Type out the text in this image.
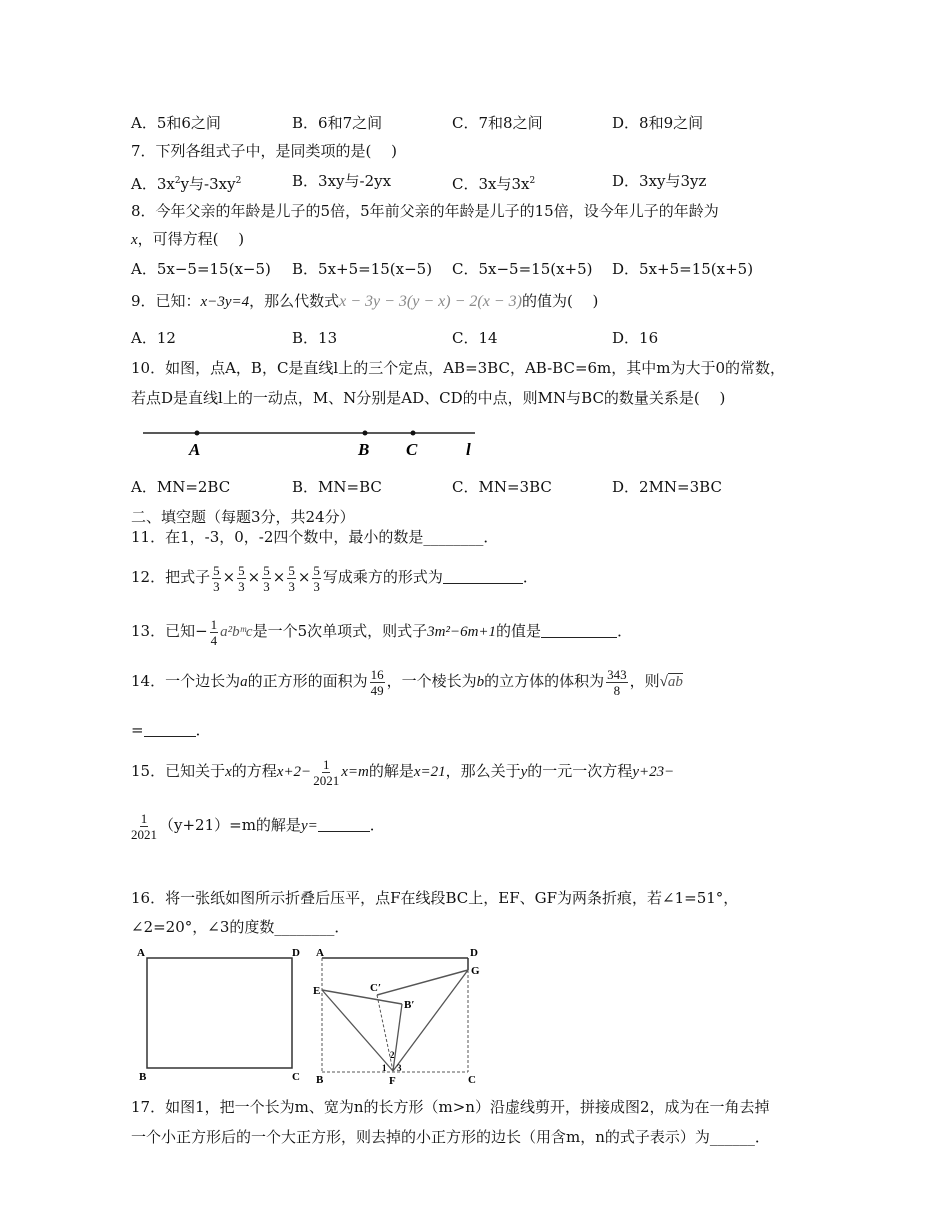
A．5和6之间	B．6和7之间	C．7和8之间	D．8和9之间
7．下列各组式子中，是同类项的是(　 )
A．$3x^2y$与$-3xy^2$	B．3xy与-2yx	C．3x与$3x^2$	D．3xy与3yz
8．今年父亲的年龄是儿子的5倍，5年前父亲的年龄是儿子的15倍，设今年儿子的年龄为
x，可得方程(　 )
A．5x−5=15(x−5) B．5x+5=15(x−5) C．5x−5=15(x+5) D．5x+5=15(x+5)
9．已知：x−3y=4，那么代数式x − 3y − 3(y − x) − 2(x − 3)的值为(　 )
A．12	B．13	C．14	D．16
10．如图，点A，B，C是直线l上的三个定点，AB=3BC，AB-BC=6m，其中m为大于0的常数，
若点D是直线l上的一动点，M、N分别是AD、CD的中点，则MN与BC的数量关系是(　 )
A	B C	l
A．MN=2BC	B．MN=BC	C．MN=3BC	D．2MN=3BC
二、填空题（每题3分，共24分）
11．在1，-3，0，-2四个数中，最小的数是________．
12．把式子 $\frac{5}{3} \times \frac{5}{3} \times \frac{5}{3} \times \frac{5}{3} \times \frac{5}{3}$ 写成乘方的形式为	．
13．已知− $\frac{1}{4}$ a²bᵐc是一个5次单项式，则式子3m²−6m+1的值是	．
14．一个边长为a的正方形的面积为 $\frac{16}{49}$ ，一个棱长为b的立方体的体积为 $\frac{343}{8}$ ，则√ab
=	．
15．已知关于x的方程$x+2- \frac{1}{2021} x=m$的解是x=21，那么关于y的一元一次方程y+23−
$\frac{1}{2021} (y+21)=m$的解是y=	．
16．将一张纸如图所示折叠后压平，点F在线段BC上，EF、GF为两条折痕，若∠1=51°，
∠2=20°，∠3的度数________．
A	D
B	C
A	D
G
E	C′
B′
B	F	C
1
2
3
17．如图1，把一个长为m、宽为n的长方形（m>n）沿虚线剪开，拼接成图2，成为在一角去掉
一个小正方形后的一个大正方形，则去掉的小正方形的边长（用含m，n的式子表示）为______．
